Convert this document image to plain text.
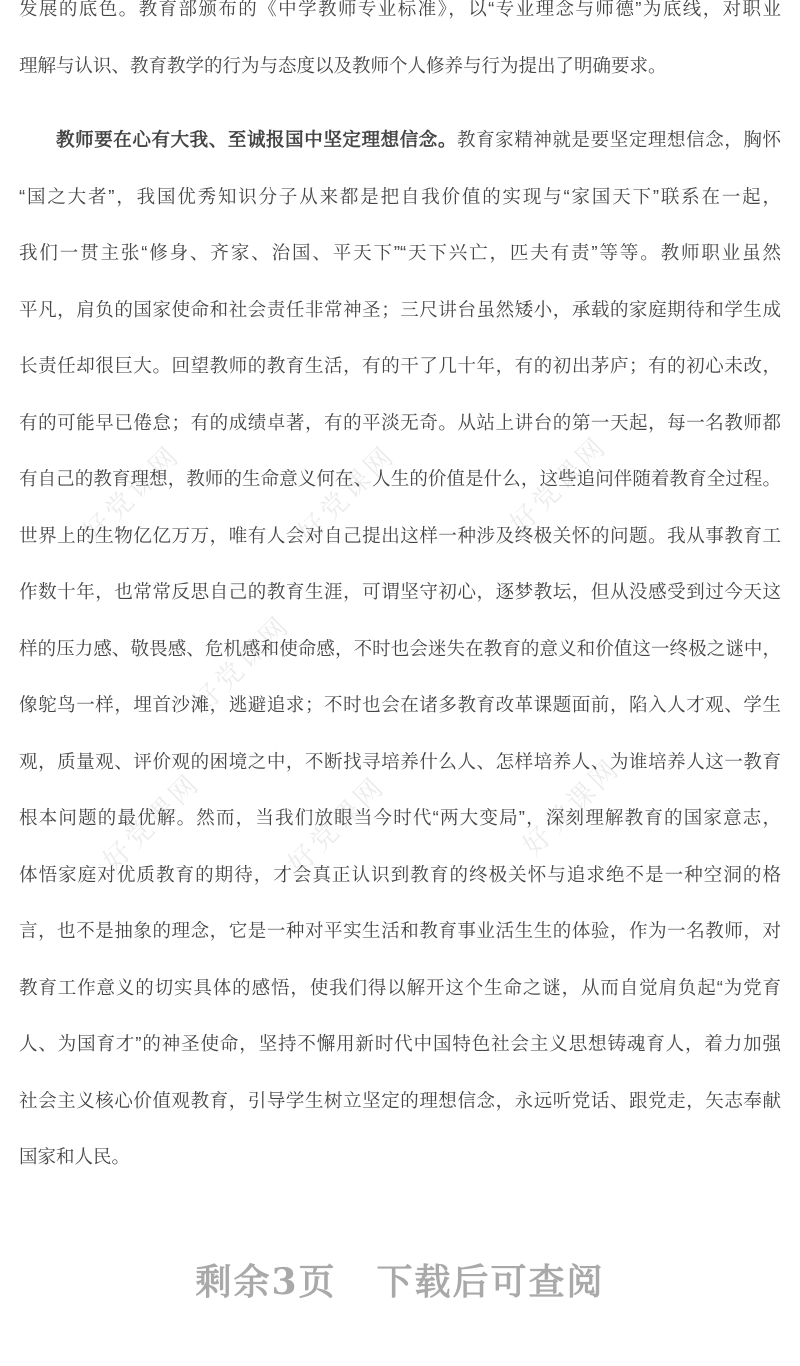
好党课网	好党课网	好党课网
好党课网
好党课网	好党课网	好党课网
发展的底色。教育部颁布的《中学教师专业标准》，以“专业理念与师德”为底线，对职业
理解与认识、教育教学的行为与态度以及教师个人修养与行为提出了明确要求。
教师要在心有大我、至诚报国中坚定理想信念。教育家精神就是要坚定理想信念，胸怀
“国之大者”，我国优秀知识分子从来都是把自我价值的实现与“家国天下”联系在一起，
我们一贯主张“修身、齐家、治国、平天下”“天下兴亡，匹夫有责”等等。教师职业虽然
平凡，肩负的国家使命和社会责任非常神圣；三尺讲台虽然矮小，承载的家庭期待和学生成
长责任却很巨大。回望教师的教育生活，有的干了几十年，有的初出茅庐；有的初心未改，
有的可能早已倦怠；有的成绩卓著，有的平淡无奇。从站上讲台的第一天起，每一名教师都
有自己的教育理想，教师的生命意义何在、人生的价值是什么，这些追问伴随着教育全过程。
世界上的生物亿亿万万，唯有人会对自己提出这样一种涉及终极关怀的问题。我从事教育工
作数十年，也常常反思自己的教育生涯，可谓坚守初心，逐梦教坛，但从没感受到过今天这
样的压力感、敬畏感、危机感和使命感，不时也会迷失在教育的意义和价值这一终极之谜中，
像鸵鸟一样，埋首沙滩，逃避追求；不时也会在诸多教育改革课题面前，陷入人才观、学生
观，质量观、评价观的困境之中，不断找寻培养什么人、怎样培养人、为谁培养人这一教育
根本问题的最优解。然而，当我们放眼当今时代“两大变局”，深刻理解教育的国家意志，
体悟家庭对优质教育的期待，才会真正认识到教育的终极关怀与追求绝不是一种空洞的格
言，也不是抽象的理念，它是一种对平实生活和教育事业活生生的体验，作为一名教师，对
教育工作意义的切实具体的感悟，使我们得以解开这个生命之谜，从而自觉肩负起“为党育
人、为国育才”的神圣使命，坚持不懈用新时代中国特色社会主义思想铸魂育人，着力加强
社会主义核心价值观教育，引导学生树立坚定的理想信念，永远听党话、跟党走，矢志奉献
国家和人民。
剩余3页 下载后可查阅
